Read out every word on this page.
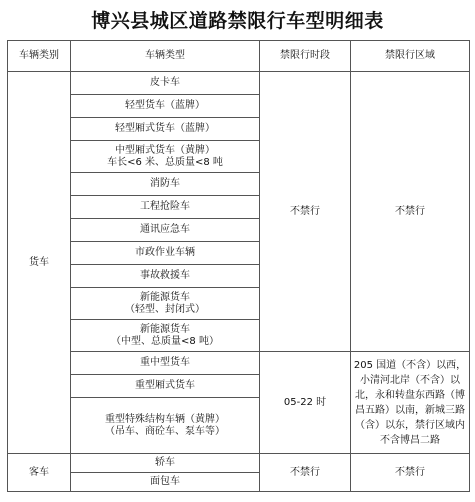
博兴县城区道路禁限行车型明细表
车辆类别	车辆类型	禁限行时段	禁限行区域
货车	皮卡车	不禁行	不禁行
	轻型货车（蓝牌）		
	轻型厢式货车（蓝牌）		

	中型厢式货车（黄牌）
车长<6 米、总质量<8 吨		

	消防车		
	工程抢险车		
	通讯应急车		
	市政作业车辆		
	事故救援车		

	新能源货车
（轻型、封闭式）		

	新能源货车
（中型、总质量<8 吨）		

	重中型货车	05-22 时	205 国道（不含）以西，小清河北岸（不含）以北，永和转盘东西路（博昌五路）以南，新城三路（含）以东，禁行区域内不含博昌二路
	重型厢式货车		

	重型特殊结构车辆（黄牌）
（吊车、商砼车、泵车等）		

客车	轿车	不禁行	不禁行
	面包车		
